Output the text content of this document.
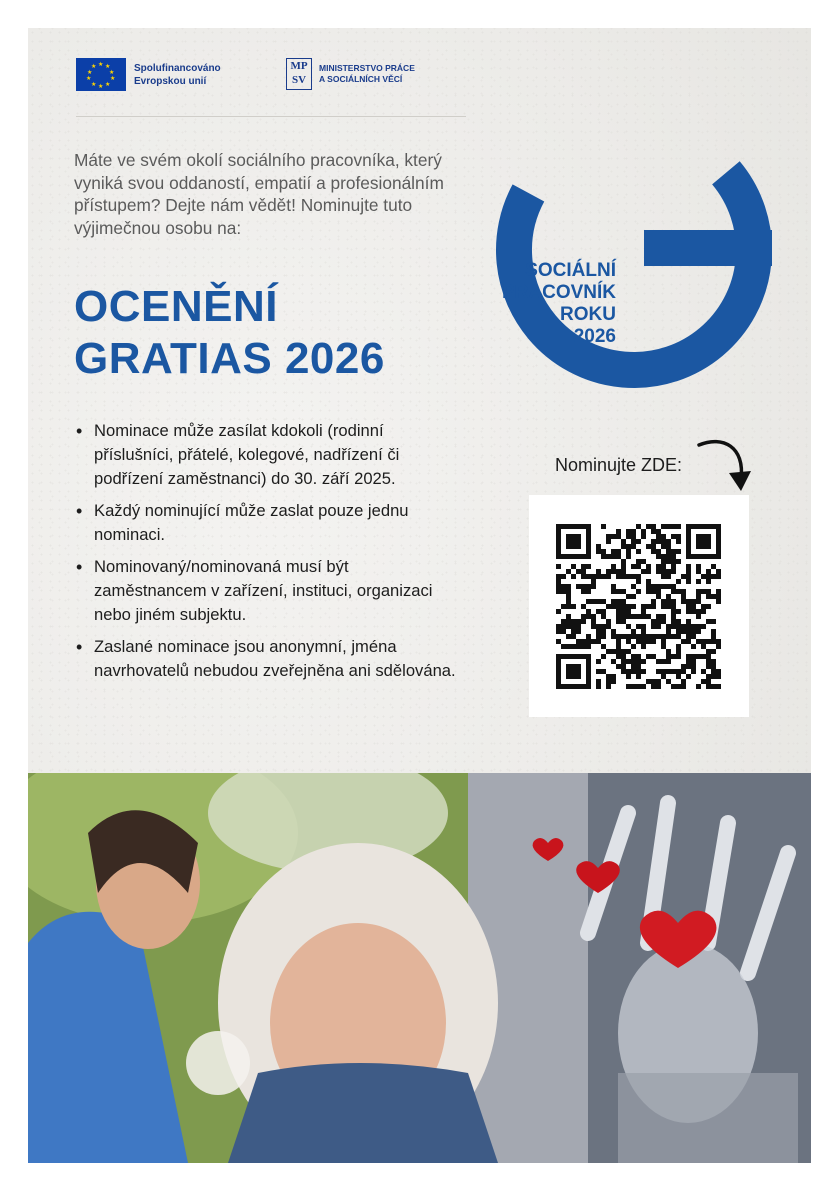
★ ★
★
★
★
★
★
★
★
★	Spolufinancováno
Evropskou unií
MP
SV
MINISTERSTVO PRÁCE
A SOCIÁLNÍCH VĚCÍ
SOCIÁLNÍ
PRACOVNÍK
ROKU
2026

Máte ve svém okolí sociálního pracovníka, který vyniká svou oddaností, empatií a profesionálním přístupem? Dejte nám vědět! Nominujte tuto výjimečnou osobu na:

OCENĚNÍ
GRATIAS 2026
• Nominace může zasílat kdokoli (rodinní příslušníci, přátelé, kolegové, nadřízení či podřízení zaměstnanci) do 30. září 2025.
• Každý nominující může zaslat pouze jednu nominaci.
• Nominovaný/nominovaná musí být zaměstnancem v zařízení, instituci, organizaci nebo jiném subjektu.
• Zaslané nominace jsou anonymní, jména navrhovatelů nebudou zveřejněna ani sdělována.
Nominujte ZDE:
